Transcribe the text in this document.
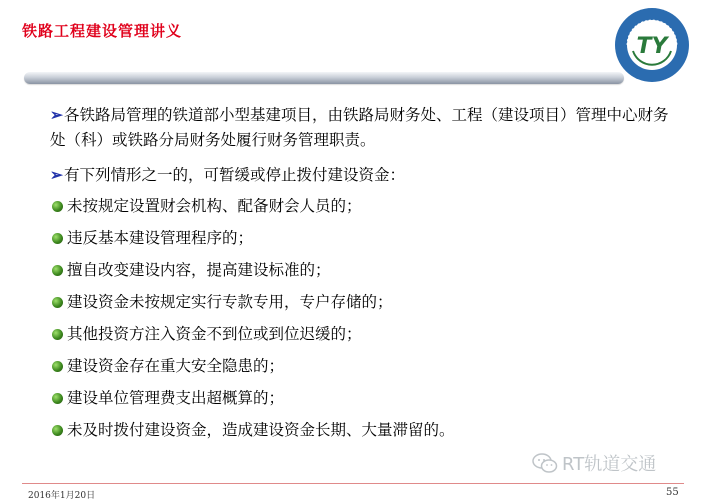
铁路工程建设管理讲义
TY

➢各铁路局管理的铁道部小型基建项目，由铁路局财务处、工程（建设项目）管理中心财务处（科）或铁路分局财务处履行财务管理职责。

➢有下列情形之一的，可暂缓或停止拨付建设资金：

未按规定设置财会机构、配备财会人员的；
违反基本建设管理程序的；
擅自改变建设内容，提高建设标准的；
建设资金未按规定实行专款专用，专户存储的；
其他投资方注入资金不到位或到位迟缓的；
建设资金存在重大安全隐患的；
建设单位管理费支出超概算的；
未及时拨付建设资金，造成建设资金长期、大量滞留的。
RT轨道交通
2016年1月20日	55
